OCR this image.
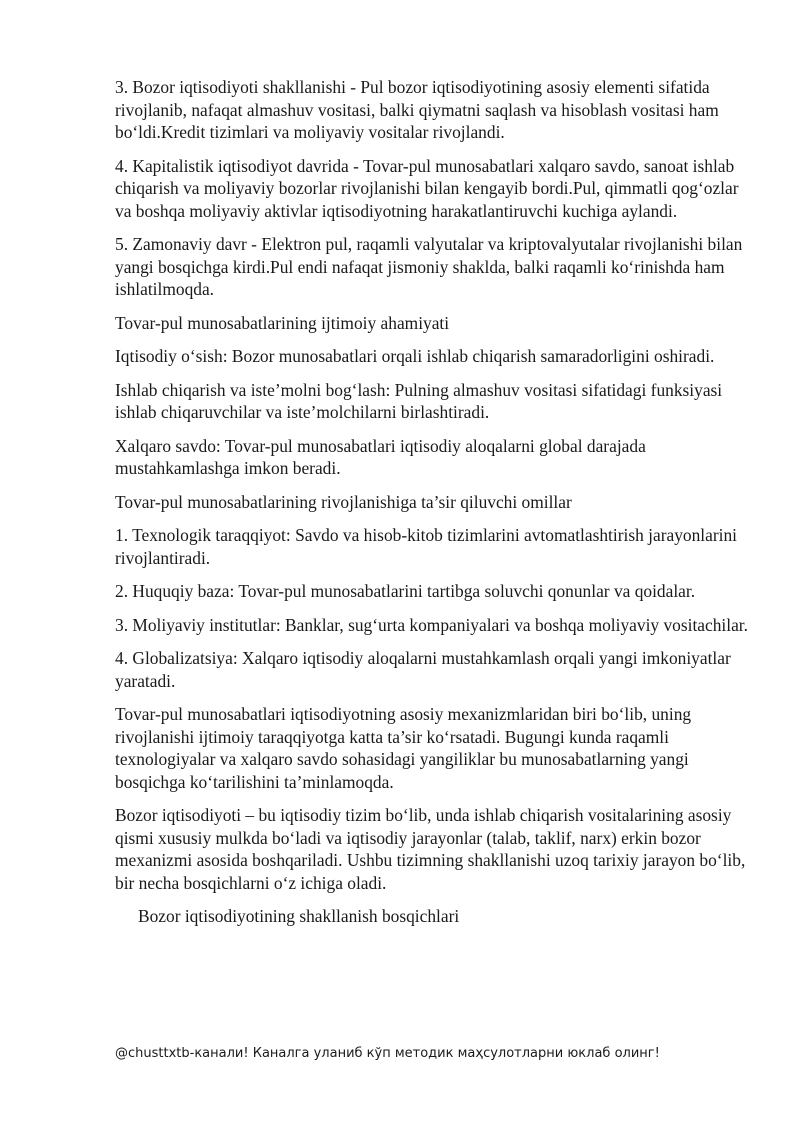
3. Bozor iqtisodiyoti shakllanishi - Pul bozor iqtisodiyotining asosiy elementi sifatida rivojlanib, nafaqat almashuv vositasi, balki qiymatni saqlash va hisoblash vositasi ham bo‘ldi.Kredit tizimlari va moliyaviy vositalar rivojlandi.

4. Kapitalistik iqtisodiyot davrida - Tovar-pul munosabatlari xalqaro savdo, sanoat ishlab chiqarish va moliyaviy bozorlar rivojlanishi bilan kengayib bordi.Pul, qimmatli qog‘ozlar va boshqa moliyaviy aktivlar iqtisodiyotning harakatlantiruvchi kuchiga aylandi.

5. Zamonaviy davr - Elektron pul, raqamli valyutalar va kriptovalyutalar rivojlanishi bilan yangi bosqichga kirdi.Pul endi nafaqat jismoniy shaklda, balki raqamli ko‘rinishda ham ishlatilmoqda.

Tovar-pul munosabatlarining ijtimoiy ahamiyati

Iqtisodiy o‘sish: Bozor munosabatlari orqali ishlab chiqarish samaradorligini oshiradi.

Ishlab chiqarish va iste’molni bog‘lash: Pulning almashuv vositasi sifatidagi funksiyasi ishlab chiqaruvchilar va iste’molchilarni birlashtiradi.

Xalqaro savdo: Tovar-pul munosabatlari iqtisodiy aloqalarni global darajada mustahkamlashga imkon beradi.

Tovar-pul munosabatlarining rivojlanishiga ta’sir qiluvchi omillar

1. Texnologik taraqqiyot: Savdo va hisob-kitob tizimlarini avtomatlashtirish jarayonlarini rivojlantiradi.

2. Huquqiy baza: Tovar-pul munosabatlarini tartibga soluvchi qonunlar va qoidalar.

3. Moliyaviy institutlar: Banklar, sug‘urta kompaniyalari va boshqa moliyaviy vositachilar.

4. Globalizatsiya: Xalqaro iqtisodiy aloqalarni mustahkamlash orqali yangi imkoniyatlar yaratadi.

Tovar-pul munosabatlari iqtisodiyotning asosiy mexanizmlaridan biri bo‘lib, uning rivojlanishi ijtimoiy taraqqiyotga katta ta’sir ko‘rsatadi. Bugungi kunda raqamli texnologiyalar va xalqaro savdo sohasidagi yangiliklar bu munosabatlarning yangi bosqichga ko‘tarilishini ta’minlamoqda.

Bozor iqtisodiyoti – bu iqtisodiy tizim bo‘lib, unda ishlab chiqarish vositalarining asosiy qismi xususiy mulkda bo‘ladi va iqtisodiy jarayonlar (talab, taklif, narx) erkin bozor mexanizmi asosida boshqariladi. Ushbu tizimning shakllanishi uzoq tarixiy jarayon bo‘lib, bir necha bosqichlarni o‘z ichiga oladi.

Bozor iqtisodiyotining shakllanish bosqichlari

@chusttxtb-канали! Каналга уланиб кўп методик маҳсулотларни юклаб олинг!
